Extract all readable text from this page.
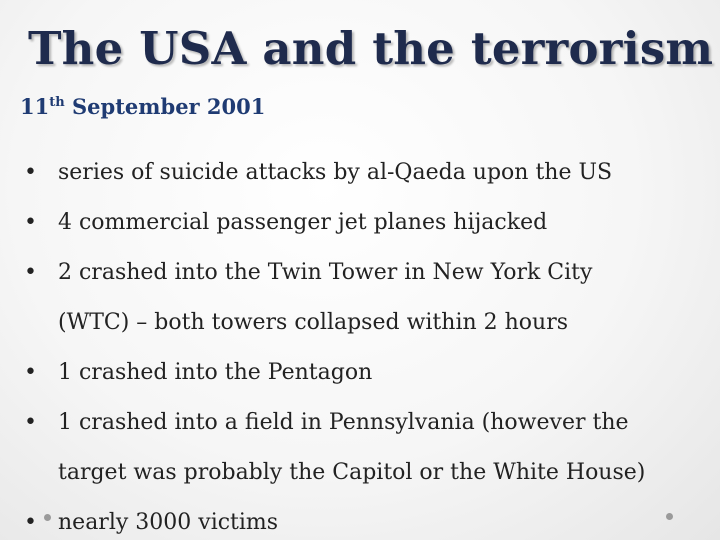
The USA and the terrorism
11th September 2001
• series of suicide attacks by al-Qaeda upon the US
• 4 commercial passenger jet planes hijacked
• 2 crashed into the Twin Tower in New York City
(WTC) – both towers collapsed within 2 hours
• 1 crashed into the Pentagon
• 1 crashed into a field in Pennsylvania (however the
target was probably the Capitol or the White House)
• nearly 3000 victims
